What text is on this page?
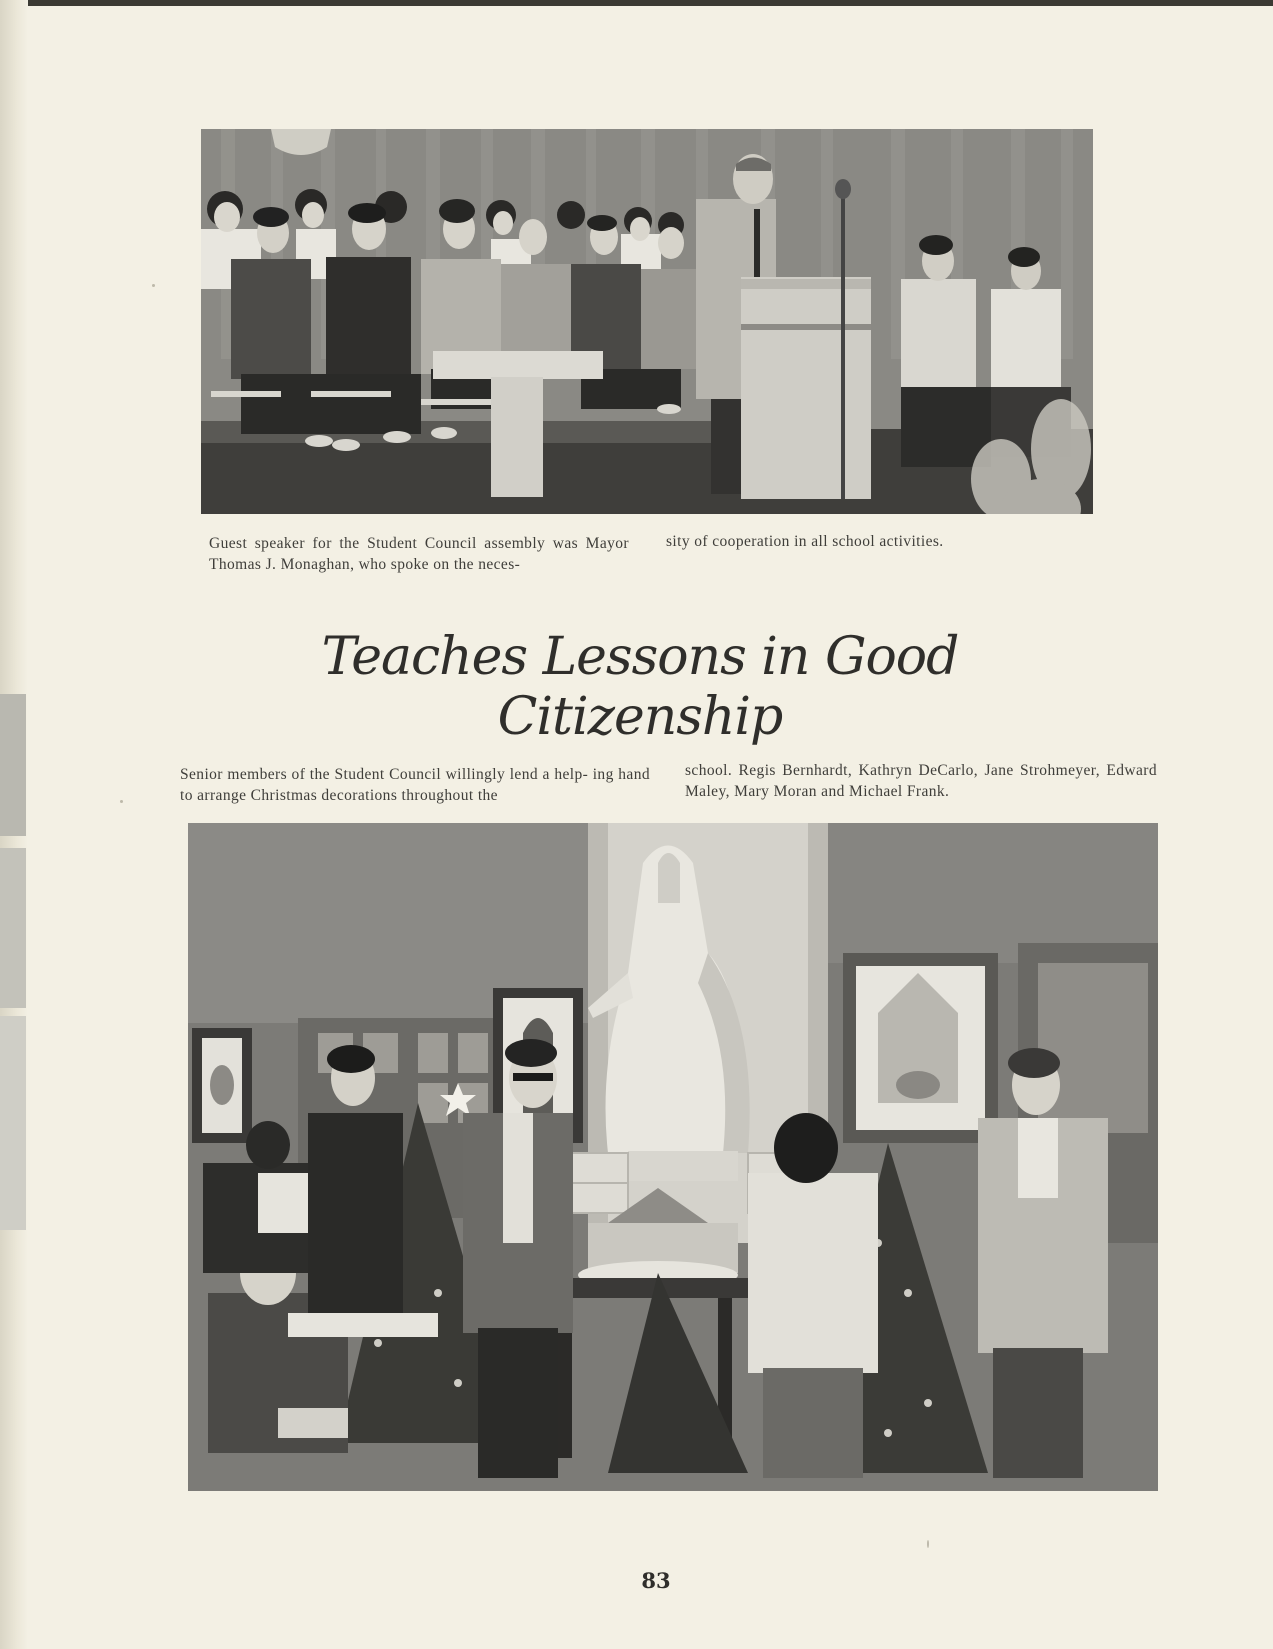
Guest speaker for the Student Council assembly was Mayor Thomas J. Monaghan, who spoke on the neces-
sity of cooperation in all school activities.
Teaches Lessons in Good Citizenship
Senior members of the Student Council willingly lend a help- ing hand to arrange Christmas decorations throughout the
school. Regis Bernhardt, Kathryn DeCarlo, Jane Strohmeyer, Edward Maley, Mary Moran and Michael Frank.
83
